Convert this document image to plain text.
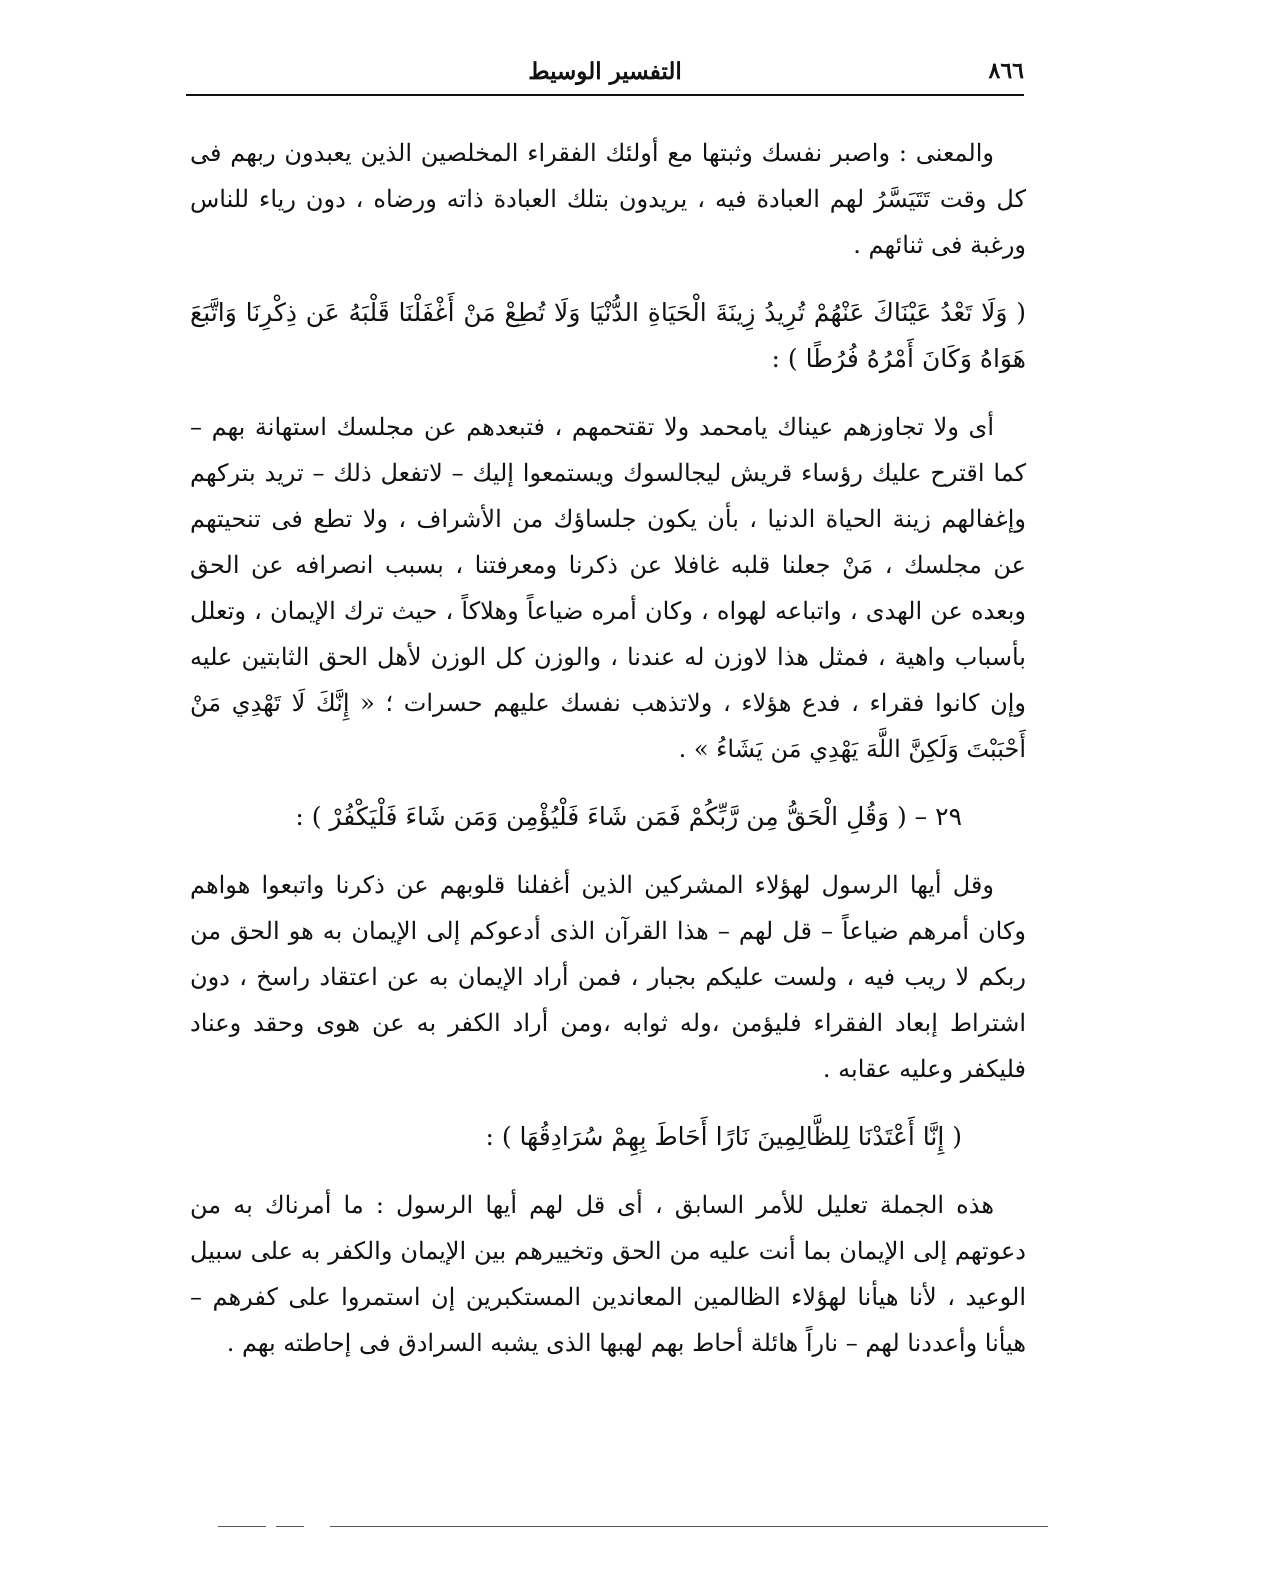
٨٦٦
التفسير الوسيط

والمعنى : واصبر نفسك وثبتها مع أولئك الفقراء المخلصين الذين يعبدون ربهم فى كل وقت تَتَيَسَّرُ لهم العبادة فيه ، يريدون بتلك العبادة ذاته ورضاه ، دون رياء للناس ورغبة فى ثنائهم .

( وَلَا تَعْدُ عَيْنَاكَ عَنْهُمْ تُرِيدُ زِينَةَ الْحَيَاةِ الدُّنْيَا وَلَا تُطِعْ مَنْ أَغْفَلْنَا قَلْبَهُ عَن ذِكْرِنَا وَاتَّبَعَ هَوَاهُ وَكَانَ أَمْرُهُ فُرُطًا ) :

أى ولا تجاوزهم عيناك يامحمد ولا تقتحمهم ، فتبعدهم عن مجلسك استهانة بهم – كما اقترح عليك رؤساء قريش ليجالسوك ويستمعوا إليك – لاتفعل ذلك – تريد بتركهم وإغفالهم زينة الحياة الدنيا ، بأن يكون جلساؤك من الأشراف ، ولا تطع فى تنحيتهم عن مجلسك ، مَنْ جعلنا قلبه غافلا عن ذكرنا ومعرفتنا ، بسبب انصرافه عن الحق وبعده عن الهدى ، واتباعه لهواه ، وكان أمره ضياعاً وهلاكاً ، حيث ترك الإيمان ، وتعلل بأسباب واهية ، فمثل هذا لاوزن له عندنا ، والوزن كل الوزن لأهل الحق الثابتين عليه وإن كانوا فقراء ، فدع هؤلاء ، ولاتذهب نفسك عليهم حسرات ؛ « إِنَّكَ لَا تَهْدِي مَنْ أَحْبَبْتَ وَلَكِنَّ اللَّهَ يَهْدِي مَن يَشَاءُ » .

٢٩ – ( وَقُلِ الْحَقُّ مِن رَّبِّكُمْ فَمَن شَاءَ فَلْيُؤْمِن وَمَن شَاءَ فَلْيَكْفُرْ ) :

وقل أيها الرسول لهؤلاء المشركين الذين أغفلنا قلوبهم عن ذكرنا واتبعوا هواهم وكان أمرهم ضياعاً – قل لهم – هذا القرآن الذى أدعوكم إلى الإيمان به هو الحق من ربكم لا ريب فيه ، ولست عليكم بجبار ، فمن أراد الإيمان به عن اعتقاد راسخ ، دون اشتراط إبعاد الفقراء فليؤمن ،وله ثوابه ،ومن أراد الكفر به عن هوى وحقد وعناد فليكفر وعليه عقابه .

( إِنَّا أَعْتَدْنَا لِلظَّالِمِينَ نَارًا أَحَاطَ بِهِمْ سُرَادِقُهَا ) :

هذه الجملة تعليل للأمر السابق ، أى قل لهم أيها الرسول : ما أمرناك به من دعوتهم إلى الإيمان بما أنت عليه من الحق وتخييرهم بين الإيمان والكفر به على سبيل الوعيد ، لأنا هيأنا لهؤلاء الظالمين المعاندين المستكبرين إن استمروا على كفرهم – هيأنا وأعددنا لهم – ناراً هائلة أحاط بهم لهبها الذى يشبه السرادق فى إحاطته بهم .
